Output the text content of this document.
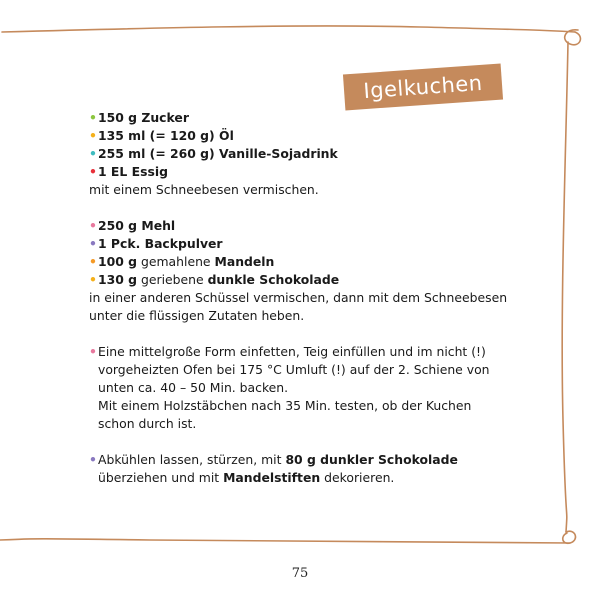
Igelkuchen
•150 g Zucker
•135 ml (= 120 g) Öl
•255 ml (= 260 g) Vanille-Sojadrink
•1 EL Essig
mit einem Schneebesen vermischen.
•250 g Mehl
•1 Pck. Backpulver
•100 g gemahlene Mandeln
•130 g geriebene dunkle Schokolade
in einer anderen Schüssel vermischen, dann mit dem Schneebesen
unter die flüssigen Zutaten heben.
• Eine mittelgroße Form einfetten, Teig einfüllen und im nicht (!)
vorgeheizten Ofen bei 175 °C Umluft (!) auf der 2. Schiene von
unten ca. 40 – 50 Min. backen.
Mit einem Holzstäbchen nach 35 Min. testen, ob der Kuchen
schon durch ist.
• Abkühlen lassen, stürzen, mit 80 g dunkler Schokolade
überziehen und mit Mandelstiften dekorieren.
75
